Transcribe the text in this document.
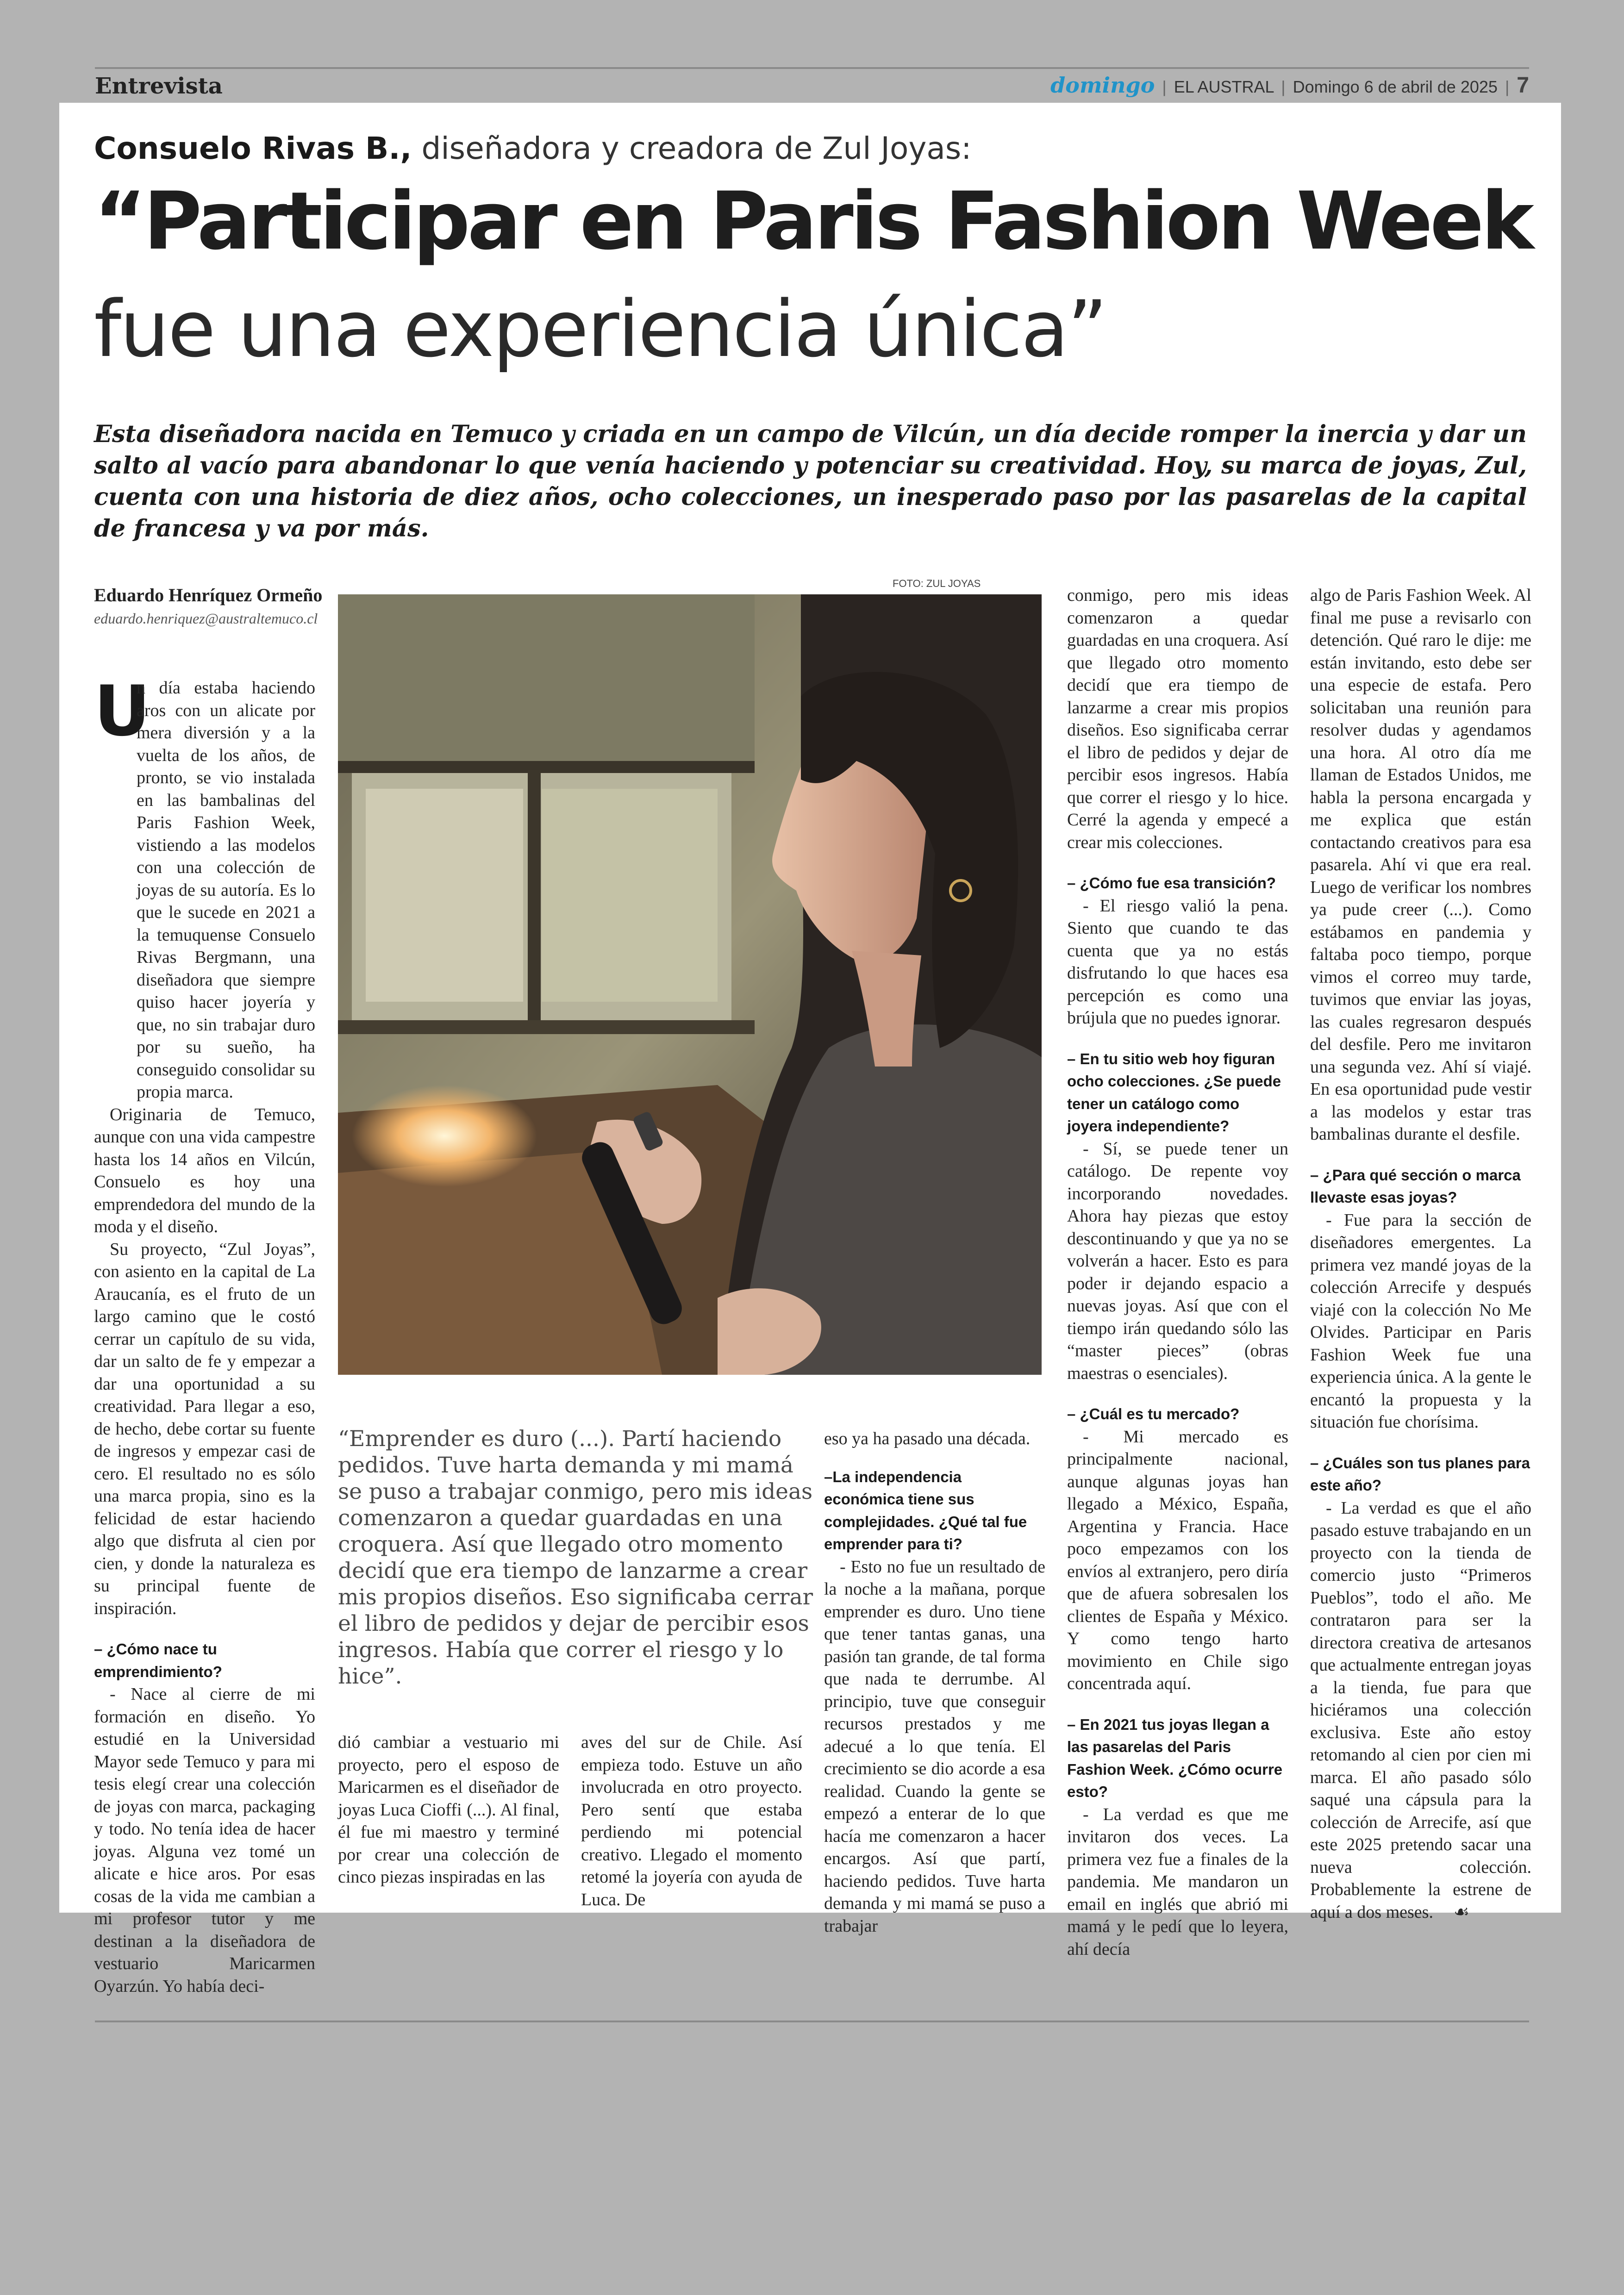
Entrevista	domingo | EL AUSTRAL | Domingo 6 de abril de 2025 | 7
Consuelo Rivas B., diseñadora y creadora de Zul Joyas:
“Participar en Paris Fashion Week
fue una experiencia única”
Esta diseñadora nacida en Temuco y criada en un campo de Vilcún, un día decide romper la inercia y dar un salto al vacío para abandonar lo que venía haciendo y potenciar su creatividad. Hoy, su marca de joyas, Zul, cuenta con una historia de diez años, ocho colecciones, un inesperado paso por las pasarelas de la capital de francesa y va por más.
Eduardo Henríquez Ormeño
eduardo.henriquez@australtemuco.cl
U

n día estaba haciendo aros con un alicate por mera diversión y a la vuelta de los años, de pronto, se vio instalada en las bambalinas del Paris Fashion Week, vistiendo a las modelos con una colección de joyas de su autoría. Es lo que le sucede en 2021 a la temuquense Consuelo Rivas Bergmann, una diseñadora que siempre quiso hacer joyería y que, no sin trabajar duro por su sueño, ha conseguido consolidar su propia marca.

Originaria de Temuco, aunque con una vida campestre hasta los 14 años en Vilcún, Consuelo es hoy una emprendedora del mundo de la moda y el diseño.

Su proyecto, “Zul Joyas”, con asiento en la capital de La Araucanía, es el fruto de un largo camino que le costó cerrar un capítulo de su vida, dar un salto de fe y empezar a dar una oportunidad a su creatividad. Para llegar a eso, de hecho, debe cortar su fuente de ingresos y empezar casi de cero. El resultado no es sólo una marca propia, sino es la felicidad de estar haciendo algo que disfruta al cien por cien, y donde la naturaleza es su principal fuente de inspiración.

– ¿Cómo nace tu emprendimiento?

- Nace al cierre de mi formación en diseño. Yo estudié en la Universidad Mayor sede Temuco y para mi tesis elegí crear una colección de joyas con marca, packaging y todo. No tenía idea de hacer joyas. Alguna vez tomé un alicate e hice aros. Por esas cosas de la vida me cambian a mi profesor tutor y me destinan a la diseñadora de vestuario Maricarmen Oyarzún. Yo había deci-

FOTO: ZUL JOYAS
“Emprender es duro (...). Partí haciendo pedidos. Tuve harta demanda y mi mamá se puso a trabajar conmigo, pero mis ideas comenzaron a quedar guardadas en una croquera. Así que llegado otro momento decidí que era tiempo de lanzarme a crear mis propios diseños. Eso significaba cerrar el libro de pedidos y dejar de percibir esos ingresos. Había que correr el riesgo y lo hice”.

dió cambiar a vestuario mi proyecto, pero el esposo de Maricarmen es el diseñador de joyas Luca Cioffi (...). Al final, él fue mi maestro y terminé por crear una colección de cinco piezas inspiradas en las

aves del sur de Chile. Así empieza todo. Estuve un año involucrada en otro proyecto. Pero sentí que estaba perdiendo mi potencial creativo. Llegado el momento retomé la joyería con ayuda de Luca. De

eso ya ha pasado una década.

–La independencia económica tiene sus complejidades. ¿Qué tal fue emprender para ti?

- Esto no fue un resultado de la noche a la mañana, porque emprender es duro. Uno tiene que tener tantas ganas, una pasión tan grande, de tal forma que nada te derrumbe. Al principio, tuve que conseguir recursos prestados y me adecué a lo que tenía. El crecimiento se dio acorde a esa realidad. Cuando la gente se empezó a enterar de lo que hacía me comenzaron a hacer encargos. Así que partí, haciendo pedidos. Tuve harta demanda y mi mamá se puso a trabajar

conmigo, pero mis ideas comenzaron a quedar guardadas en una croquera. Así que llegado otro momento decidí que era tiempo de lanzarme a crear mis propios diseños. Eso significaba cerrar el libro de pedidos y dejar de percibir esos ingresos. Había que correr el riesgo y lo hice. Cerré la agenda y empecé a crear mis colecciones.

– ¿Cómo fue esa transición?

- El riesgo valió la pena. Siento que cuando te das cuenta que ya no estás disfrutando lo que haces esa percepción es como una brújula que no puedes ignorar.

– En tu sitio web hoy figuran ocho colecciones. ¿Se puede tener un catálogo como joyera independiente?

- Sí, se puede tener un catálogo. De repente voy incorporando novedades. Ahora hay piezas que estoy descontinuando y que ya no se volverán a hacer. Esto es para poder ir dejando espacio a nuevas joyas. Así que con el tiempo irán quedando sólo las “master pieces” (obras maestras o esenciales).

– ¿Cuál es tu mercado?

- Mi mercado es principalmente nacional, aunque algunas joyas han llegado a México, España, Argentina y Francia. Hace poco empezamos con los envíos al extranjero, pero diría que de afuera sobresalen los clientes de España y México. Y como tengo harto movimiento en Chile sigo concentrada aquí.

– En 2021 tus joyas llegan a las pasarelas del Paris Fashion Week. ¿Cómo ocurre esto?

- La verdad es que me invitaron dos veces. La primera vez fue a finales de la pandemia. Me mandaron un email en inglés que abrió mi mamá y le pedí que lo leyera, ahí decía

algo de Paris Fashion Week. Al final me puse a revisarlo con detención. Qué raro le dije: me están invitando, esto debe ser una especie de estafa. Pero solicitaban una reunión para resolver dudas y agendamos una hora. Al otro día me llaman de Estados Unidos, me habla la persona encargada y me explica que están contactando creativos para esa pasarela. Ahí vi que era real. Luego de verificar los nombres ya pude creer (...). Como estábamos en pandemia y faltaba poco tiempo, porque vimos el correo muy tarde, tuvimos que enviar las joyas, las cuales regresaron después del desfile. Pero me invitaron una segunda vez. Ahí sí viajé. En esa oportunidad pude vestir a las modelos y estar tras bambalinas durante el desfile.

– ¿Para qué sección o marca llevaste esas joyas?

- Fue para la sección de diseñadores emergentes. La primera vez mandé joyas de la colección Arrecife y después viajé con la colección No Me Olvides. Participar en Paris Fashion Week fue una experiencia única. A la gente le encantó la propuesta y la situación fue chorísima.

– ¿Cuáles son tus planes para este año?

- La verdad es que el año pasado estuve trabajando en un proyecto con la tienda de comercio justo “Primeros Pueblos”, todo el año. Me contrataron para ser la directora creativa de artesanos que actualmente entregan joyas a la tienda, fue para que hiciéramos una colección exclusiva. Este año estoy retomando al cien por cien mi marca. El año pasado sólo saqué una cápsula para la colección de Arrecife, así que este 2025 pretendo sacar una nueva colección. Probablemente la estrene de aquí a dos meses. ☙
